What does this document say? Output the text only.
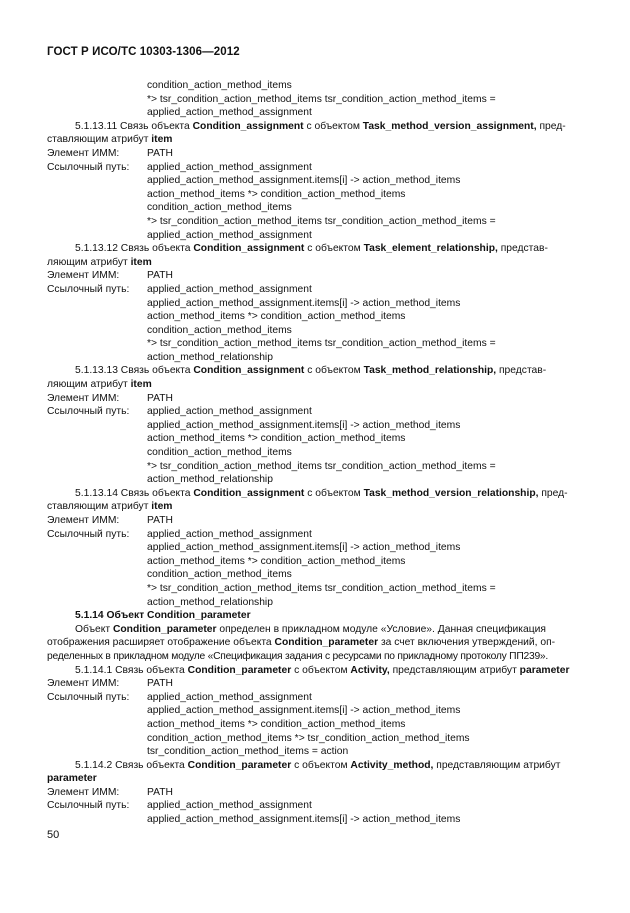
ГОСТ Р ИСО/ТС 10303-1306—2012
condition_action_method_items
*> tsr_condition_action_method_items tsr_condition_action_method_items =
applied_action_method_assignment
5.1.13.11 Связь объекта Condition_assignment с объектом Task_method_version_assignment, пред-
ставляющим атрибут item
Элемент ИММ:	PATH
Ссылочный путь: applied_action_method_assignment
applied_action_method_assignment.items[i] -> action_method_items
action_method_items *> condition_action_method_items
condition_action_method_items
*> tsr_condition_action_method_items tsr_condition_action_method_items =
applied_action_method_assignment
5.1.13.12 Связь объекта Condition_assignment с объектом Task_element_relationship, представ-
ляющим атрибут item
Элемент ИММ:	PATH
Ссылочный путь: applied_action_method_assignment
applied_action_method_assignment.items[i] -> action_method_items
action_method_items *> condition_action_method_items
condition_action_method_items
*> tsr_condition_action_method_items tsr_condition_action_method_items =
action_method_relationship
5.1.13.13 Связь объекта Condition_assignment с объектом Task_method_relationship, представ-
ляющим атрибут item
Элемент ИММ:	PATH
Ссылочный путь: applied_action_method_assignment
applied_action_method_assignment.items[i] -> action_method_items
action_method_items *> condition_action_method_items
condition_action_method_items
*> tsr_condition_action_method_items tsr_condition_action_method_items =
action_method_relationship
5.1.13.14 Связь объекта Condition_assignment с объектом Task_method_version_relationship, пред-
ставляющим атрибут item
Элемент ИММ:	PATH
Ссылочный путь: applied_action_method_assignment
applied_action_method_assignment.items[i] -> action_method_items
action_method_items *> condition_action_method_items
condition_action_method_items
*> tsr_condition_action_method_items tsr_condition_action_method_items =
action_method_relationship
5.1.14 Объект Condition_parameter
Объект Condition_parameter определен в прикладном модуле «Условие». Данная спецификация
отображения расширяет отображение объекта Condition_parameter за счет включения утверждений, оп-
ределенных в прикладном модуле «Спецификация задания с ресурсами по прикладному протоколу ПП239».
5.1.14.1 Связь объекта Condition_parameter с объектом Activity, представляющим атрибут parameter
Элемент ИММ:	PATH
Ссылочный путь: applied_action_method_assignment
applied_action_method_assignment.items[i] -> action_method_items
action_method_items *> condition_action_method_items
condition_action_method_items *> tsr_condition_action_method_items
tsr_condition_action_method_items = action
5.1.14.2 Связь объекта Condition_parameter с объектом Activity_method, представляющим атрибут
parameter
Элемент ИММ:	PATH
Ссылочный путь: applied_action_method_assignment
applied_action_method_assignment.items[i] -> action_method_items
50
